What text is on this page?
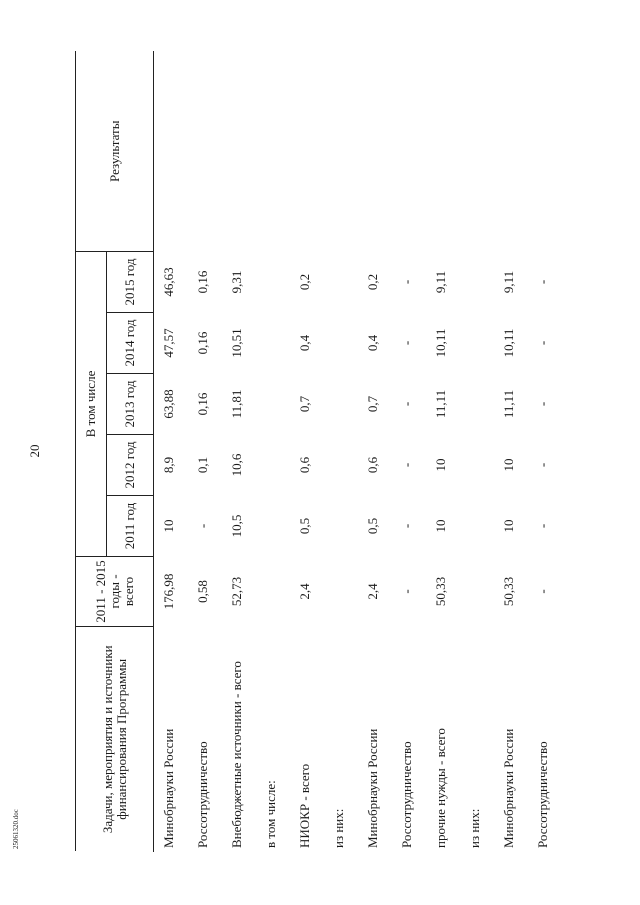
20
Задачи, мероприятия и источники финансирования Программы	2011 - 2015 годы - всего	В том числе					Результаты
		2011 год	2012 год	2013 год	2014 год	2015 год	
Минобрнауки России	176,98	10	8,9	63,88	47,57	46,63	
Россотрудничество	0,58	-	0,1	0,16	0,16	0,16	
Внебюджетные источники - всего	52,73	10,5	10,6	11,81	10,51	9,31	
в том числе:							
НИОКР - всего	2,4	0,5	0,6	0,7	0,4	0,2	
из них:							
Минобрнауки России	2,4	0,5	0,6	0,7	0,4	0,2	
Россотрудничество	-	-	-	-	-	-	
прочие нужды - всего	50,33	10	10	11,11	10,11	9,11	
из них:							
Минобрнауки России	50,33	10	10	11,11	10,11	9,11	
Россотрудничество	-	-	-	-	-	-	
25061320.doc
